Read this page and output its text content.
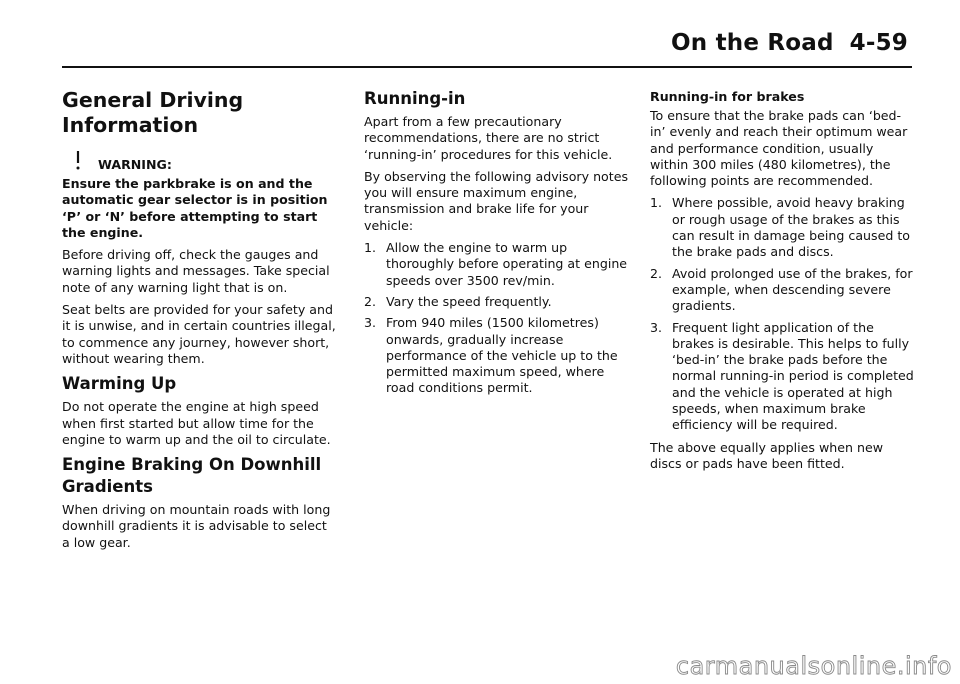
On the Road 4-59
General Driving Information
WARNING:

Ensure the parkbrake is on and the automatic gear selector is in position ‘P’ or ‘N’ before attempting to start the engine.

Before driving off, check the gauges and warning lights and messages. Take special note of any warning light that is on.

Seat belts are provided for your safety and it is unwise, and in certain countries illegal, to commence any journey, however short, without wearing them.

Warming Up

Do not operate the engine at high speed when first started but allow time for the engine to warm up and the oil to circulate.

Engine Braking On Downhill Gradients

When driving on mountain roads with long downhill gradients it is advisable to select a low gear.

Running-in

Apart from a few precautionary recommendations, there are no strict ‘running-in’ procedures for this vehicle.

By observing the following advisory notes you will ensure maximum engine, transmission and brake life for your vehicle:

1. Allow the engine to warm up thoroughly before operating at engine speeds over 3500 rev/min.
2. Vary the speed frequently.
3. From 940 miles (1500 kilometres) onwards, gradually increase performance of the vehicle up to the permitted maximum speed, where road conditions permit.
Running-in for brakes

To ensure that the brake pads can ‘bed-in’ evenly and reach their optimum wear and performance condition, usually within 300 miles (480 kilometres), the following points are recommended.

1. Where possible, avoid heavy braking or rough usage of the brakes as this can result in damage being caused to the brake pads and discs.
2. Avoid prolonged use of the brakes, for example, when descending severe gradients.
3. Frequent light application of the brakes is desirable. This helps to fully ‘bed-in’ the brake pads before the normal running-in period is completed and the vehicle is operated at high speeds, when maximum brake efficiency will be required.

The above equally applies when new discs or pads have been fitted.

carmanualsonline.info
